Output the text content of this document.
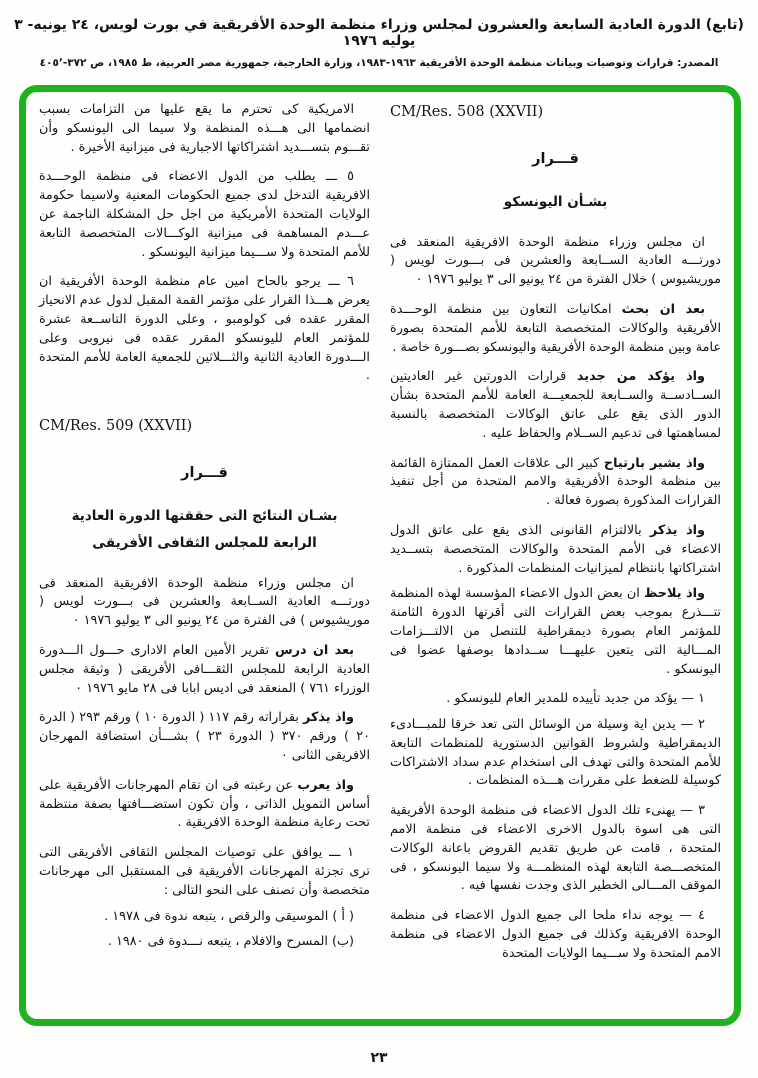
(تابع) الدورة العادية السابعة والعشرون لمجلس وزراء منظمة الوحدة الأفريقية في بورت لويس، ٢٤ يونيه- ٣ يوليه ١٩٧٦
المصدر: قرارات وتوصيات وبيانات منظمة الوحدة الأفريقية ١٩٦٣-١٩٨٣، وزارة الخارجية، جمهورية مصر العربية، ط ١٩٨٥، ص ٣٧٢-٤٠٥٬
CM/Res. 508 (XXVII)
قـــرار
بشـأن اليونسكو

ان مجلس وزراء منظمة الوحدة الافريقية المنعقد فى دورتـــه العادية الســابعة والعشرين فى بـــورت لويس ( موريشيوس ) خلال الفترة من ٢٤ يونيو الى ٣ يوليو ١٩٧٦ ٠

بعد ان بحث امكانيات التعاون بين منظمة الوحـــدة الأفريقية والوكالات المتخصصة التابعة للأمم المتحدة بصورة عامة وبين منظمة الوحدة الأفريقية واليونسكو بصـــورة خاصة .

واذ يؤكد من جديد قرارات الدورتين غير العاديتين الســادســة والســابعة للجمعيـــة العامة للأمم المتحدة بشأن الدور الذى يقع على عاتق الوكالات المتخصصة بالنسبة لمساهمتها فى تدعيم الســلام والحفاظ عليه .

واذ يشير بارتياح كبير الى علاقات العمل الممتازة القائمة بين منظمة الوحدة الأفريقية والامم المتحدة من أجل تنفيذ القرارات المذكورة بصورة فعالة .

واذ يذكر بالالتزام القانونى الذى يقع على عاتق الدول الاعضاء فى الأمم المتحدة والوكالات المتخصصة بتســديد اشتراكاتها بانتظام لميزانيات المنظمات المذكورة .

واذ يلاحظ ان بعض الدول الاعضاء المؤسسة لهذه المنظمة تتـــذرع بموجب بعض القرارات التى أقرتها الدورة الثامنة للمؤتمر العام بصورة ديمقراطية للتنصل من الالتـــزامات المـــالية التى يتعين عليهـــا ســدادها بوصفها عضوا فى اليونسكو .

١ — يؤكد من جديد تأييده للمدير العام لليونسكو .

٢ — يدين اية وسيلة من الوسائل التى تعد خرقا للمبـــادىء الديمقراطية ولشروط القوانين الدستورية للمنظمات التابعة للأمم المتحدة والتى تهدف الى استخدام عدم سداد الاشتراكات كوسيلة للضغط على مقررات هـــذه المنظمات .

٣ — يهنىء تلك الدول الاعضاء فى منظمة الوحدة الأفريقية التى هى اسوة بالدول الاخرى الاعضاء فى منظمة الامم المتحدة ، قامت عن طريق تقديم القروض باعانة الوكالات المتخصـــصة التابعة لهذه المنظمـــة ولا سيما اليونسكو ، فى الموقف المـــالى الخطير الذى وجدت نفسها فيه .

٤ — يوجه نداء ملحا الى جميع الدول الاعضاء فى منظمة الوحدة الافريقية وكذلك فى جميع الدول الاعضاء فى منظمة الامم المتحدة ولا ســـيما الولايات المتحدة

الامريكية كى تحترم ما يقع عليها من التزامات بسبب انضمامها الى هـــذه المنظمة ولا سيما الى اليونسكو وأن تقـــوم بتســـديد اشتراكاتها الاجبارية فى ميزانية الأخيرة .

٥ ـــ يطلب من الدول الاعضاء فى منظمة الوحـــدة الافريقية التدخل لدى جميع الحكومات المعنية ولاسيما حكومة الولايات المتحدة الأمريكية من اجل حل المشكلة الناجمة عن عـــدم المساهمة فى ميزانية الوكـــالات المتخصصة التابعة للأمم المتحدة ولا ســـيما ميزانية اليونسكو .

٦ ـــ يرجو بالحاح امين عام منظمة الوحدة الأفريقية ان يعرض هـــذا القرار على مؤتمر القمة المقبل لدول عدم الانحياز المقرر عقده فى كولومبو ، وعلى الدورة التاســعة عشرة للمؤتمر العام لليونسكو المقرر عقده فى نيروبى وعلى الـــدورة العادية الثانية والثـــلاثين للجمعية العامة للأمم المتحدة .

CM/Res. 509 (XXVII)
قـــرار
بشـان النتائج التى حققتها الدورة العادية
الرابعة للمجلس الثقافى الأفريقى

ان مجلس وزراء منظمة الوحدة الافريقية المنعقد فى دورتـــه العادية الســابعة والعشرين فى بـــورت لويس ( موريشيوس ) فى الفترة من ٢٤ يونيو الى ٣ يوليو ١٩٧٦ ٠

بعد ان درس تقرير الأمين العام الادارى حـــول الـــدورة العادية الرابعة للمجلس الثقـــافى الأفريقى ( وثيقة مجلس الوزراء ٧٦١ ) المنعقد فى اديس ابابا فى ٢٨ مايو ١٩٧٦ ٠

واذ يذكر بقراراته رقم ١١٧ ( الدورة ١٠ ) ورقم ٢٩٣ ( الدرة ٢٠ ) ورقم ٣٧٠ ( الدورة ٢٣ ) بشـــأن استضافة المهرجان الافريقى الثانى ٠

واذ يعرب عن رغبته فى ان تقام المهرجانات الأفريقية على أساس التمويل الذاتى ، وأن تكون استضـــافتها بصفة منتظمة تحت رعاية منظمة الوحدة الافريقية .

١ ـــ يوافق على توصيات المجلس الثقافى الأفريقى التى ترى تجزئة المهرجانات الأفريقية فى المستقبل الى مهرجانات متخصصة وأن تصنف على النحو التالى :

( أ ) الموسيقى والرقص ، يتبعه ندوة فى ١٩٧٨ .

(ب) المسرح والافلام ، يتبعه نـــدوة فى ١٩٨٠ .

٢٣
